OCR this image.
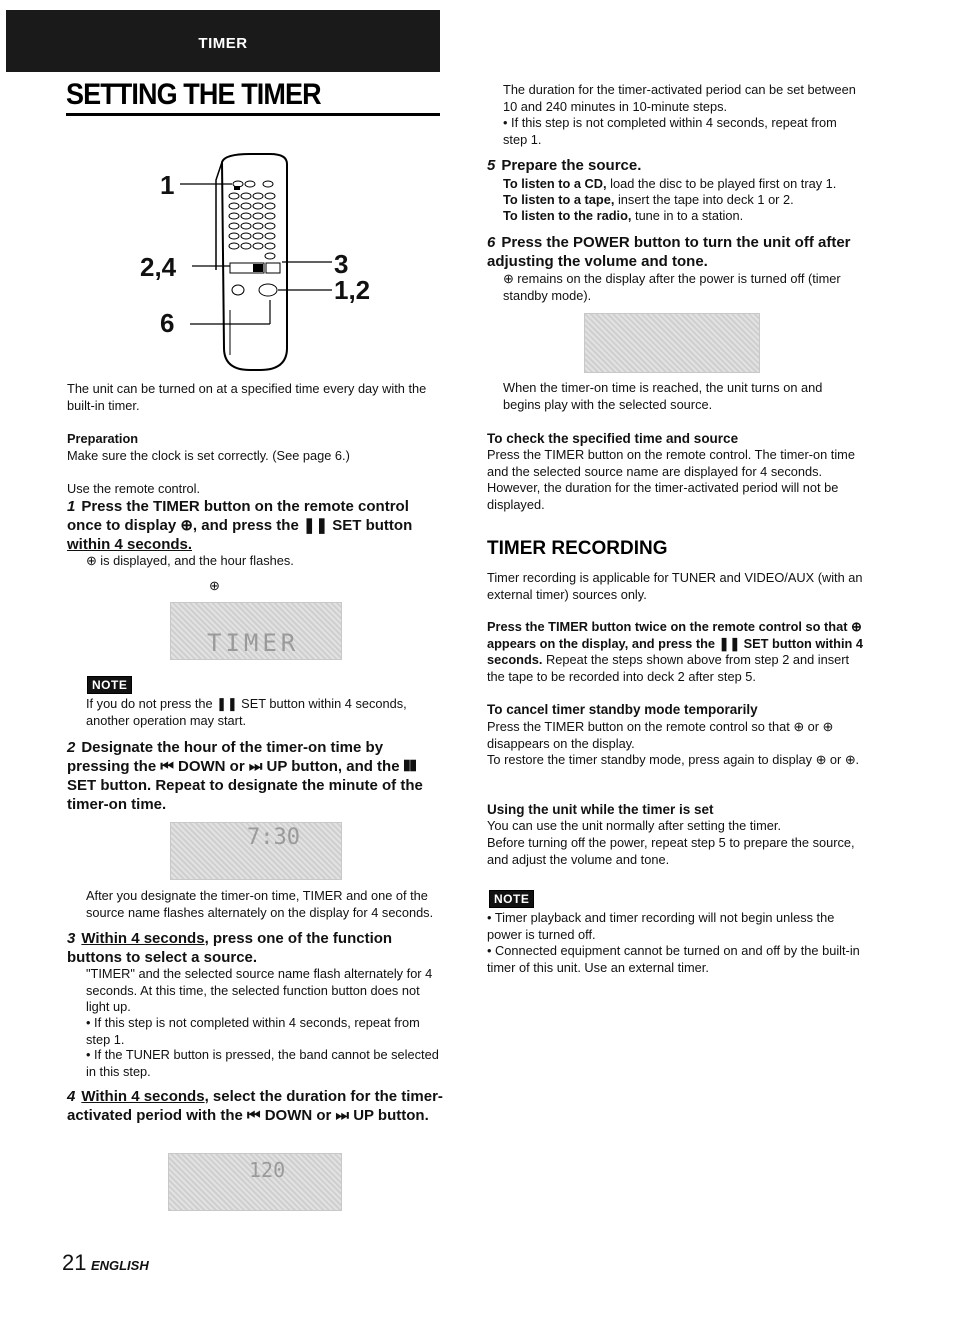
TIMER
SETTING THE TIMER
1
2,4
6
3
1,2
The unit can be turned on at a specified time every day with the built-in timer.
Preparation
Make sure the clock is set correctly. (See page 6.)
Use the remote control.
1 Press the TIMER button on the remote control once to display ⊕, and press the ❚❚ SET button within 4 seconds.
⊕ is displayed, and the hour flashes.
⊕
TIMER
NOTE
If you do not press the ❚❚ SET button within 4 seconds, another operation may start.
2 Designate the hour of the timer-on time by pressing the ⏮ DOWN or ⏭ UP button, and the ❚❚ SET button. Repeat to designate the minute of the timer-on time.
7:30
After you designate the timer-on time, TIMER and one of the source name flashes alternately on the display for 4 seconds.
3 Within 4 seconds, press one of the function buttons to select a source.
"TIMER" and the selected source name flash alternately for 4 seconds. At this time, the selected function button does not light up.
• If this step is not completed within 4 seconds, repeat from step 1.
• If the TUNER button is pressed, the band cannot be selected in this step.
4 Within 4 seconds, select the duration for the timer-activated period with the ⏮ DOWN or ⏭ UP button.
120
21 ENGLISH
The duration for the timer-activated period can be set between 10 and 240 minutes in 10-minute steps.
• If this step is not completed within 4 seconds, repeat from step 1.
5 Prepare the source.
To listen to a CD, load the disc to be played first on tray 1.
To listen to a tape, insert the tape into deck 1 or 2.
To listen to the radio, tune in to a station.
6 Press the POWER button to turn the unit off after adjusting the volume and tone.
⊕ remains on the display after the power is turned off (timer standby mode).
When the timer-on time is reached, the unit turns on and begins play with the selected source.
To check the specified time and source
Press the TIMER button on the remote control. The timer-on time and the selected source name are displayed for 4 seconds. However, the duration for the timer-activated period will not be displayed.
TIMER RECORDING
Timer recording is applicable for TUNER and VIDEO/AUX (with an external timer) sources only.
Press the TIMER button twice on the remote control so that ⊕ appears on the display, and press the ❚❚ SET button within 4 seconds. Repeat the steps shown above from step 2 and insert the tape to be recorded into deck 2 after step 5.
To cancel timer standby mode temporarily
Press the TIMER button on the remote control so that ⊕ or ⊕ disappears on the display.
To restore the timer standby mode, press again to display ⊕ or ⊕.
Using the unit while the timer is set
You can use the unit normally after setting the timer.
Before turning off the power, repeat step 5 to prepare the source, and adjust the volume and tone.
NOTE
• Timer playback and timer recording will not begin unless the power is turned off.
• Connected equipment cannot be turned on and off by the built-in timer of this unit. Use an external timer.
